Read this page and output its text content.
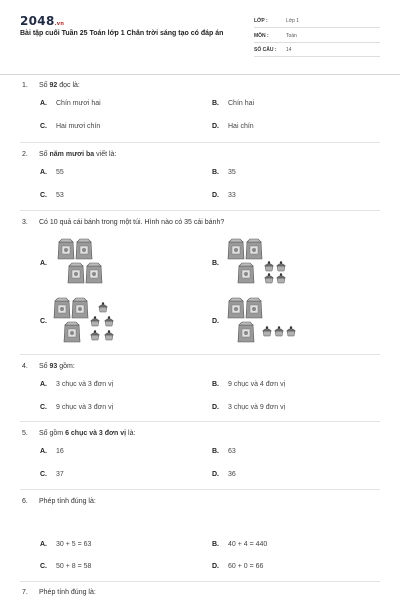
2048.vn
Bài tập cuối Tuần 25 Toán lớp 1 Chân trời sáng tạo có đáp án
LỚP :	Lớp 1
MÔN :	Toán
SỐ CÂU : 14
1. Số 92 đọc là:
A. Chín mươi hai	B. Chín hai
C. Hai mươi chín	D. Hai chín
2. Số năm mươi ba viết là:
A. 55	B. 35
C. 53	D. 33
3. Có 10 quả cái bánh trong một túi. Hình nào có 35 cái bánh?
A.	B.
C.	D.
4. Số 93 gồm:
A. 3 chục và 3 đơn vị	B. 9 chục và 4 đơn vị
C. 9 chục và 3 đơn vị	D. 3 chục và 9 đơn vị
5. Số gồm 6 chục và 3 đơn vị là:
A. 16	B. 63
C. 37	D. 36
6. Phép tính đúng là:
A. 30 + 5 = 63	B. 40 + 4 = 440
C. 50 + 8 = 58	D. 60 + 0 = 66
7. Phép tính đúng là:
